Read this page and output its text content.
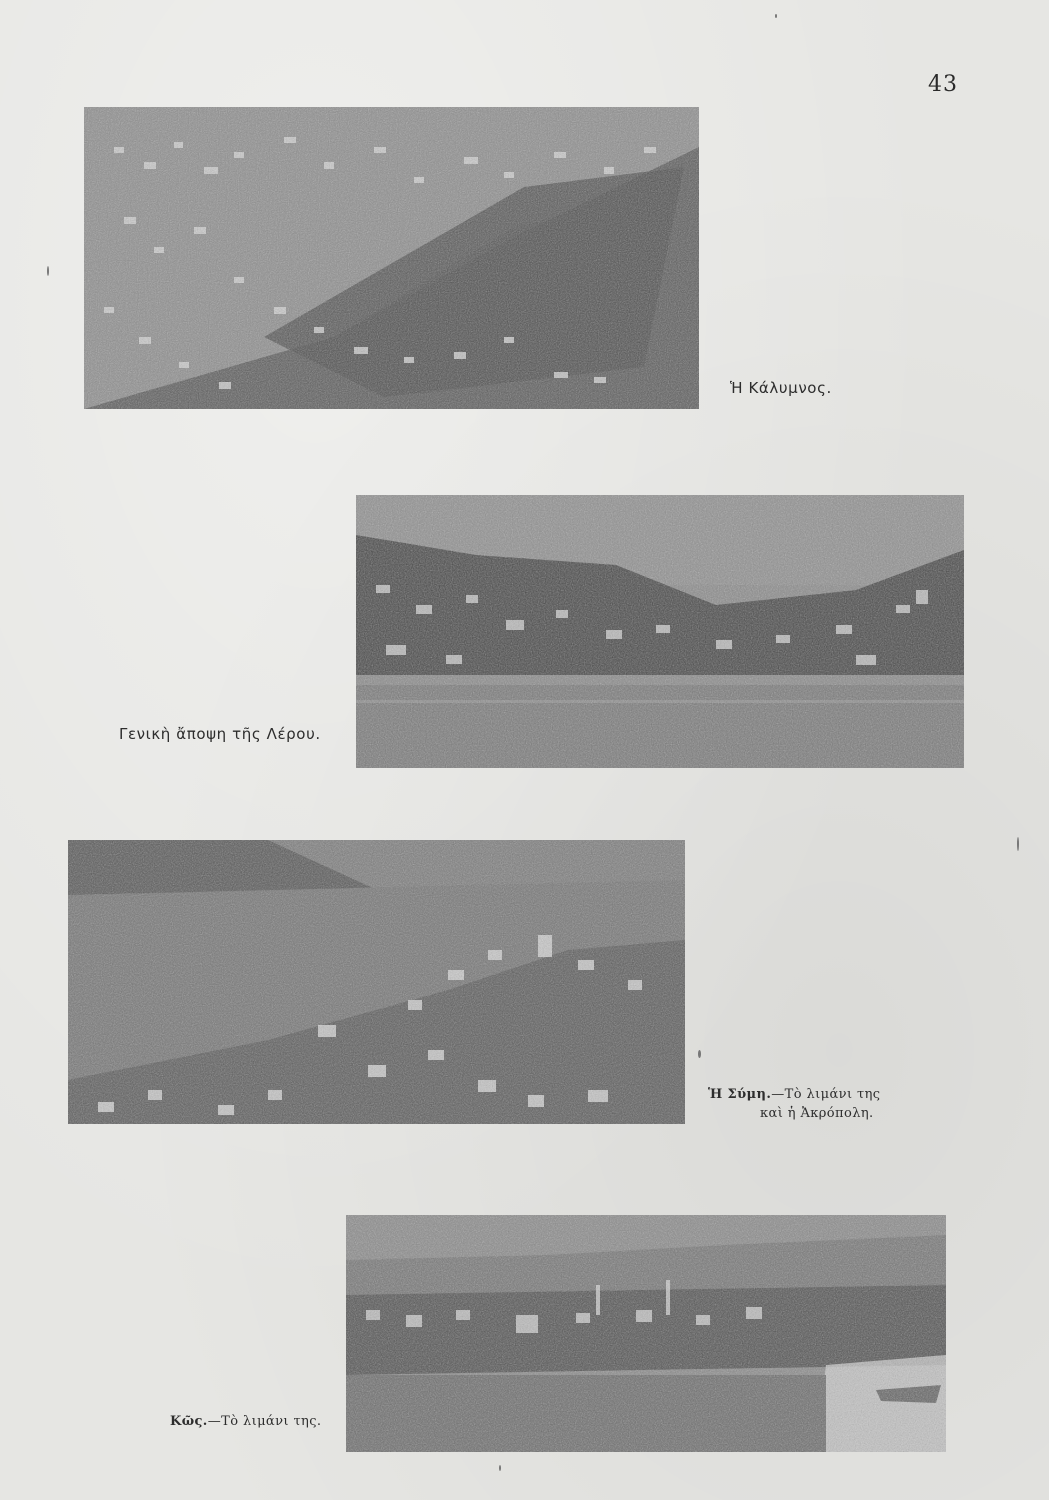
43
Ἡ Κάλυμνος.
Γενικὴ ἄποψη τῆς Λέρου.
Ἡ Σύμη.—Τὸ λιμάνι της
καὶ ἡ Ἀκρόπολη.
Κῶς.—Τὸ λιμάνι της.
